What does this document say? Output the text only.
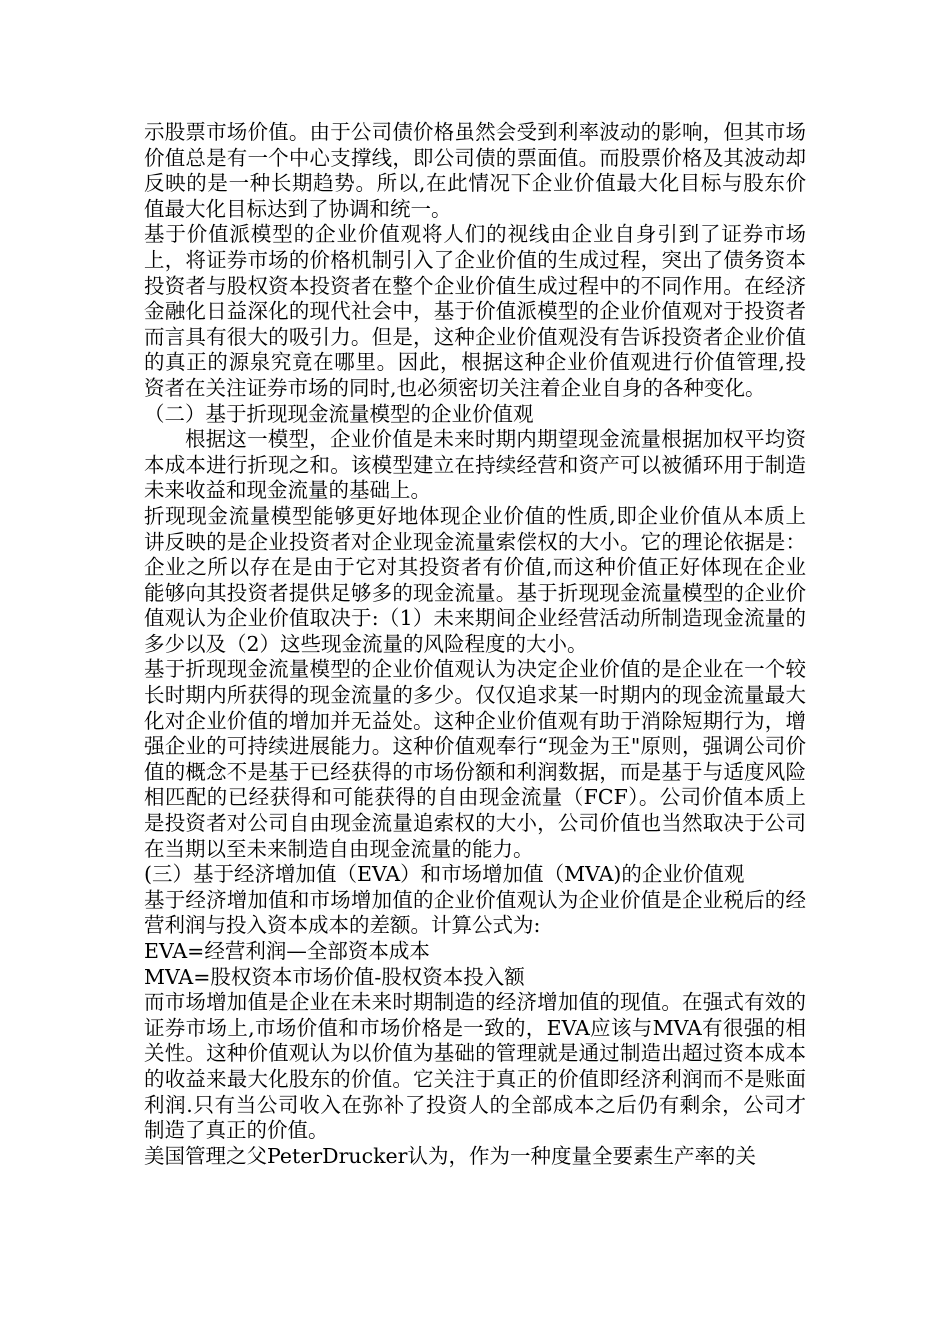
示股票市场价值。由于公司债价格虽然会受到利率波动的影响，但其市场价值总是有一个中心支撑线，即公司债的票面值。而股票价格及其波动却反映的是一种长期趋势。所以,在此情况下企业价值最大化目标与股东价值最大化目标达到了协调和统一。

基于价值派模型的企业价值观将人们的视线由企业自身引到了证券市场上，将证券市场的价格机制引入了企业价值的生成过程，突出了债务资本投资者与股权资本投资者在整个企业价值生成过程中的不同作用。在经济金融化日益深化的现代社会中，基于价值派模型的企业价值观对于投资者而言具有很大的吸引力。但是，这种企业价值观没有告诉投资者企业价值的真正的源泉究竟在哪里。因此，根据这种企业价值观进行价值管理,投资者在关注证券市场的同时,也必须密切关注着企业自身的各种变化。

（二）基于折现现金流量模型的企业价值观

根据这一模型，企业价值是未来时期内期望现金流量根据加权平均资本成本进行折现之和。该模型建立在持续经营和资产可以被循环用于制造未来收益和现金流量的基础上。

折现现金流量模型能够更好地体现企业价值的性质,即企业价值从本质上讲反映的是企业投资者对企业现金流量索偿权的大小。它的理论依据是：企业之所以存在是由于它对其投资者有价值,而这种价值正好体现在企业能够向其投资者提供足够多的现金流量。基于折现现金流量模型的企业价值观认为企业价值取决于:（1）未来期间企业经营活动所制造现金流量的多少以及（2）这些现金流量的风险程度的大小。

基于折现现金流量模型的企业价值观认为决定企业价值的是企业在一个较长时期内所获得的现金流量的多少。仅仅追求某一时期内的现金流量最大化对企业价值的增加并无益处。这种企业价值观有助于消除短期行为，增强企业的可持续进展能力。这种价值观奉行“现金为王"原则，强调公司价值的概念不是基于已经获得的市场份额和利润数据，而是基于与适度风险相匹配的已经获得和可能获得的自由现金流量（FCF）。公司价值本质上是投资者对公司自由现金流量追索权的大小，公司价值也当然取决于公司在当期以至未来制造自由现金流量的能力。

(三）基于经济增加值（EVA）和市场增加值（MVA)的企业价值观

基于经济增加值和市场增加值的企业价值观认为企业价值是企业税后的经营利润与投入资本成本的差额。计算公式为:

EVA=经营利润—全部资本成本

MVA=股权资本市场价值-股权资本投入额

而市场增加值是企业在未来时期制造的经济增加值的现值。在强式有效的证券市场上,市场价值和市场价格是一致的，EVA应该与MVA有很强的相关性。这种价值观认为以价值为基础的管理就是通过制造出超过资本成本的收益来最大化股东的价值。它关注于真正的价值即经济利润而不是账面利润.只有当公司收入在弥补了投资人的全部成本之后仍有剩余，公司才制造了真正的价值。

美国管理之父PeterDrucker认为，作为一种度量全要素生产率的关
